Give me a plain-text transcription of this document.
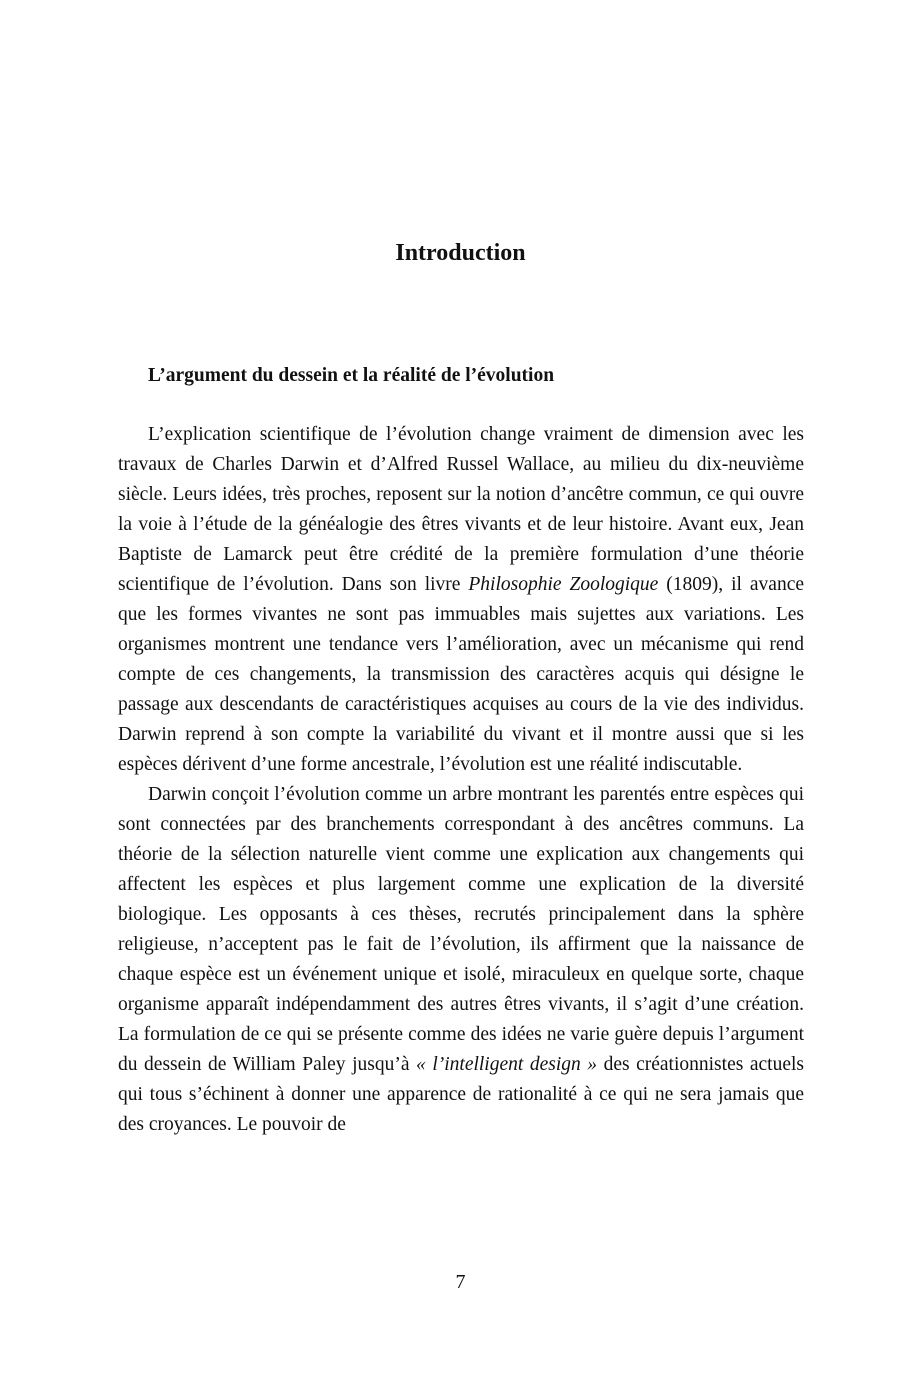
Introduction
L’argument du dessein et la réalité de l’évolution

L’explication scientifique de l’évolution change vraiment de dimension avec les travaux de Charles Darwin et d’Alfred Russel Wallace, au milieu du dix-neuvième siècle. Leurs idées, très proches, reposent sur la notion d’ancêtre commun, ce qui ouvre la voie à l’étude de la généalogie des êtres vivants et de leur histoire. Avant eux, Jean Baptiste de Lamarck peut être crédité de la première formulation d’une théorie scientifique de l’évolution. Dans son livre Philosophie Zoologique (1809), il avance que les formes vivantes ne sont pas immuables mais sujettes aux variations. Les organismes montrent une tendance vers l’amélioration, avec un mécanisme qui rend compte de ces changements, la transmission des caractères acquis qui désigne le passage aux descendants de caractéristiques acquises au cours de la vie des individus. Darwin reprend à son compte la variabilité du vivant et il montre aussi que si les espèces dérivent d’une forme ancestrale, l’évolution est une réalité indiscutable.

Darwin conçoit l’évolution comme un arbre montrant les parentés entre espèces qui sont connectées par des branchements correspondant à des ancêtres communs. La théorie de la sélection naturelle vient comme une explication aux changements qui affectent les espèces et plus largement comme une explication de la diversité biologique. Les opposants à ces thèses, recrutés principalement dans la sphère religieuse, n’acceptent pas le fait de l’évolution, ils affirment que la naissance de chaque espèce est un événement unique et isolé, miraculeux en quelque sorte, chaque organisme apparaît indépendamment des autres êtres vivants, il s’agit d’une création. La formulation de ce qui se présente comme des idées ne varie guère depuis l’argument du dessein de William Paley jusqu’à « l’intelligent design » des créationnistes actuels qui tous s’échinent à donner une apparence de rationalité à ce qui ne sera jamais que des croyances. Le pouvoir de

7
